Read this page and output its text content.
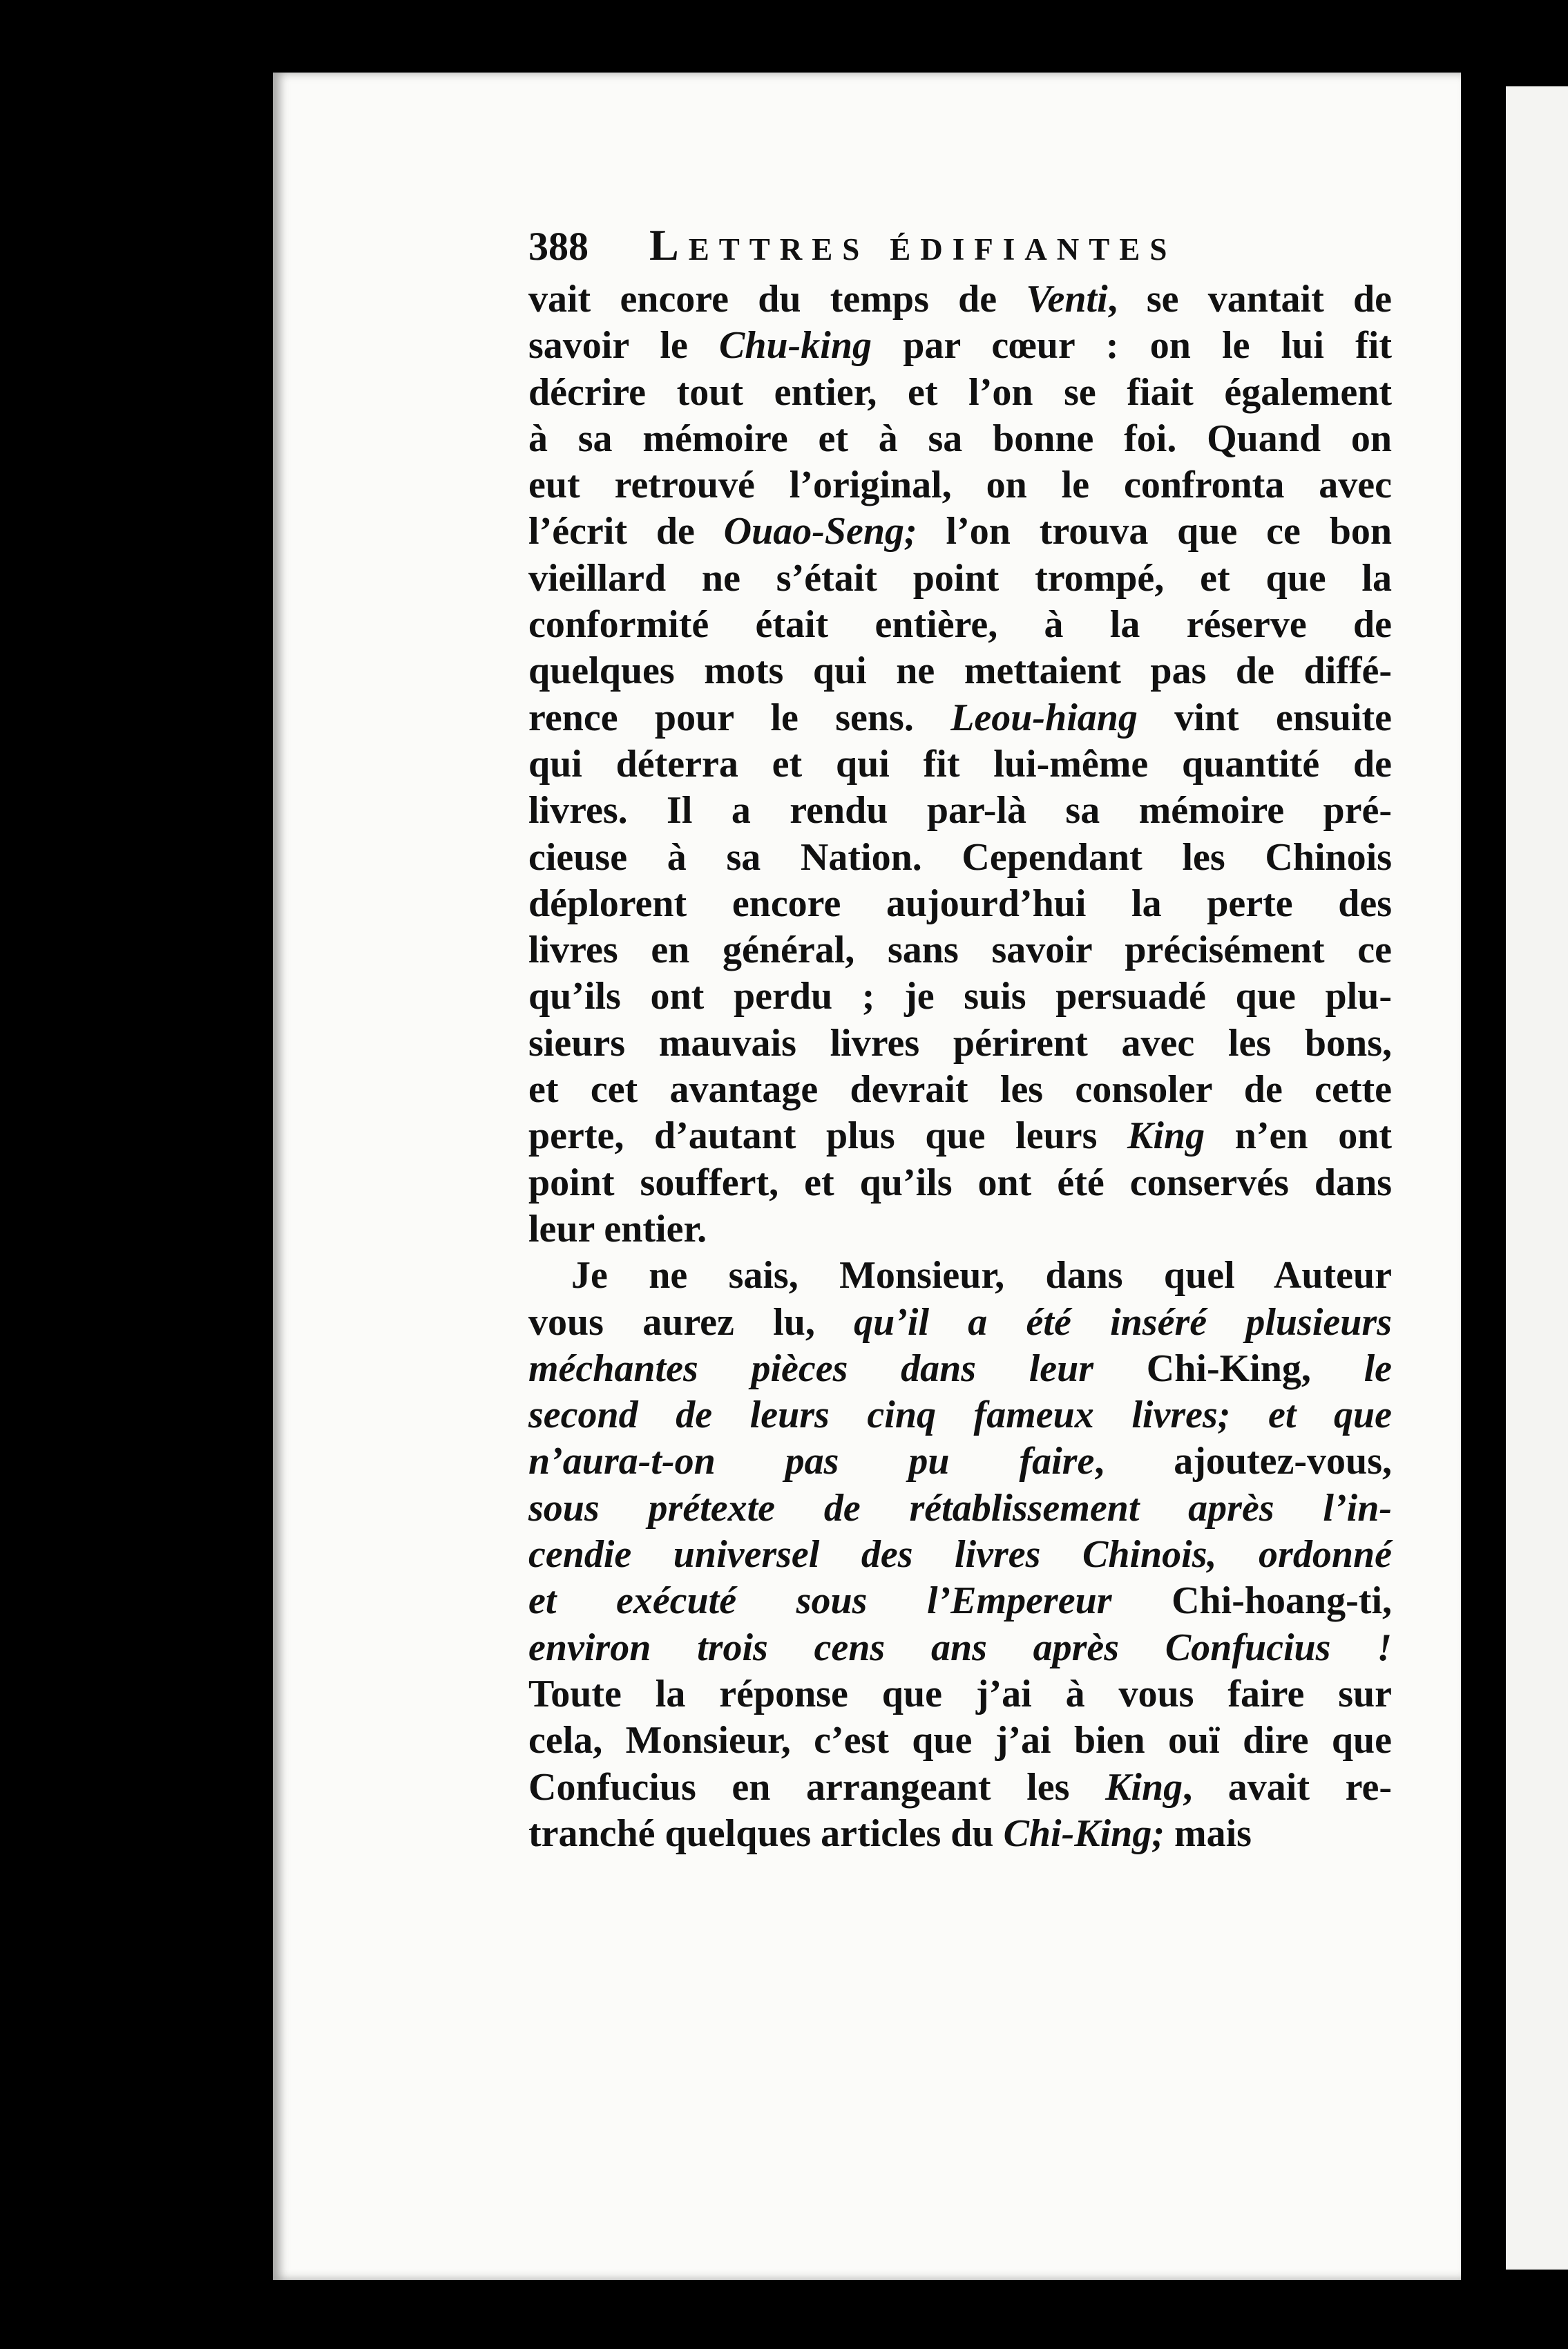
388 Lettres édifiantes
vait encore du temps de Venti, se vantait de
savoir le Chu-king par cœur : on le lui fit
décrire tout entier, et l’on se fiait également
à sa mémoire et à sa bonne foi. Quand on
eut retrouvé l’original, on le confronta avec
l’écrit de Ouao-Seng; l’on trouva que ce bon
vieillard ne s’était point trompé, et que la
conformité était entière, à la réserve de
quelques mots qui ne mettaient pas de diffé-
rence pour le sens. Leou-hiang vint ensuite
qui déterra et qui fit lui-même quantité de
livres. Il a rendu par-là sa mémoire pré-
cieuse à sa Nation. Cependant les Chinois
déplorent encore aujourd’hui la perte des
livres en général, sans savoir précisément ce
qu’ils ont perdu ; je suis persuadé que plu-
sieurs mauvais livres périrent avec les bons,
et cet avantage devrait les consoler de cette
perte, d’autant plus que leurs King n’en ont
point souffert, et qu’ils ont été conservés dans
leur entier.
Je ne sais, Monsieur, dans quel Auteur
vous aurez lu, qu’il a été inséré plusieurs
méchantes pièces dans leur Chi-King, le
second de leurs cinq fameux livres; et que
n’aura-t-on pas pu faire, ajoutez-vous,
sous prétexte de rétablissement après l’in-
cendie universel des livres Chinois, ordonné
et exécuté sous l’Empereur Chi-hoang-ti,
environ trois cens ans après Confucius !
Toute la réponse que j’ai à vous faire sur
cela, Monsieur, c’est que j’ai bien ouï dire que
Confucius en arrangeant les King, avait re-
tranché quelques articles du Chi-King; mais
